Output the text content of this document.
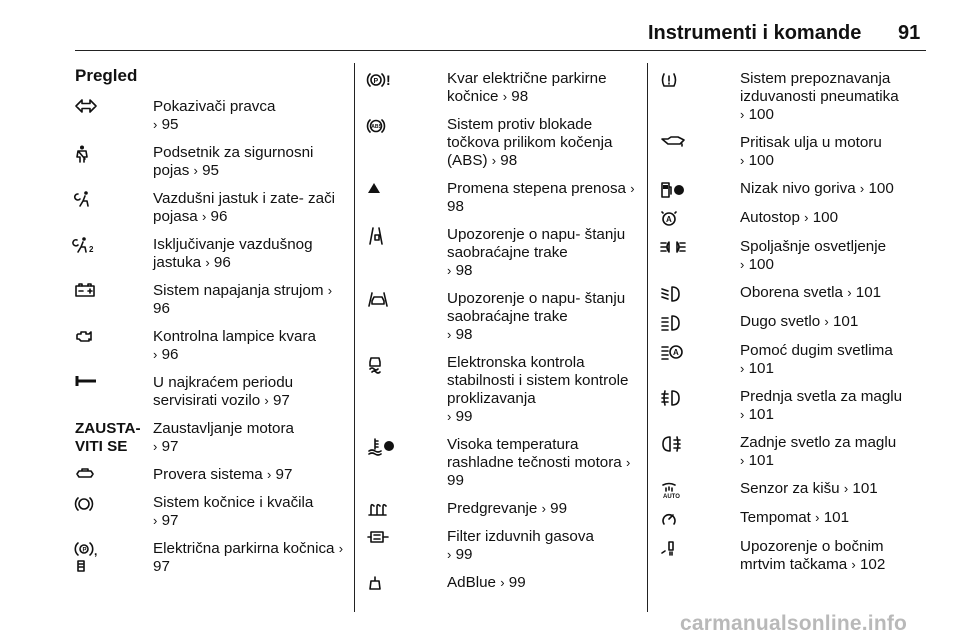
Instrumenti i komande 91
Pregled
Pokazivači pravca
› 95
Podsetnik za sigurnosni pojas › 95
Vazdušni jastuk i zate- zači pojasa › 96
2	Isključivanje vazdušnog jastuka › 96
Sistem napajanja strujom › 96
Kontrolna lampice kvara
› 96
U najkraćem periodu servisirati vozilo › 97
ZAUSTA- VITI SE
Zaustavljanje motora
› 97
Provera sistema › 97
Sistem kočnice i kvačila
› 97
P ,	Električna parkirna kočnica › 97
P !	Kvar električne parkirne kočnice › 98
ABS	Sistem protiv blokade točkova prilikom kočenja (ABS) › 98
Promena stepena prenosa › 98
Upozorenje o napu- štanju saobraćajne trake
› 98
Upozorenje o napu- štanju saobraćajne trake
› 98
Elektronska kontrola stabilnosti i sistem kontrole proklizavanja
› 99
Visoka temperatura rashladne tečnosti motora › 99
Predgrevanje › 99
Filter izduvnih gasova
› 99
AdBlue › 99
Sistem prepoznavanja izduvanosti pneumatika
› 100
Pritisak ulja u motoru
› 100
Nizak nivo goriva › 100
A	Autostop › 100
Spoljašnje osvetljenje
› 100
Oborena svetla › 101
Dugo svetlo › 101
A	Pomoć dugim svetlima
› 101
Prednja svetla za maglu
› 101
Zadnje svetlo za maglu
› 101
AUTO	Senzor za kišu › 101
Tempomat › 101
Upozorenje o bočnim mrtvim tačkama › 102
carmanualsonline.info
